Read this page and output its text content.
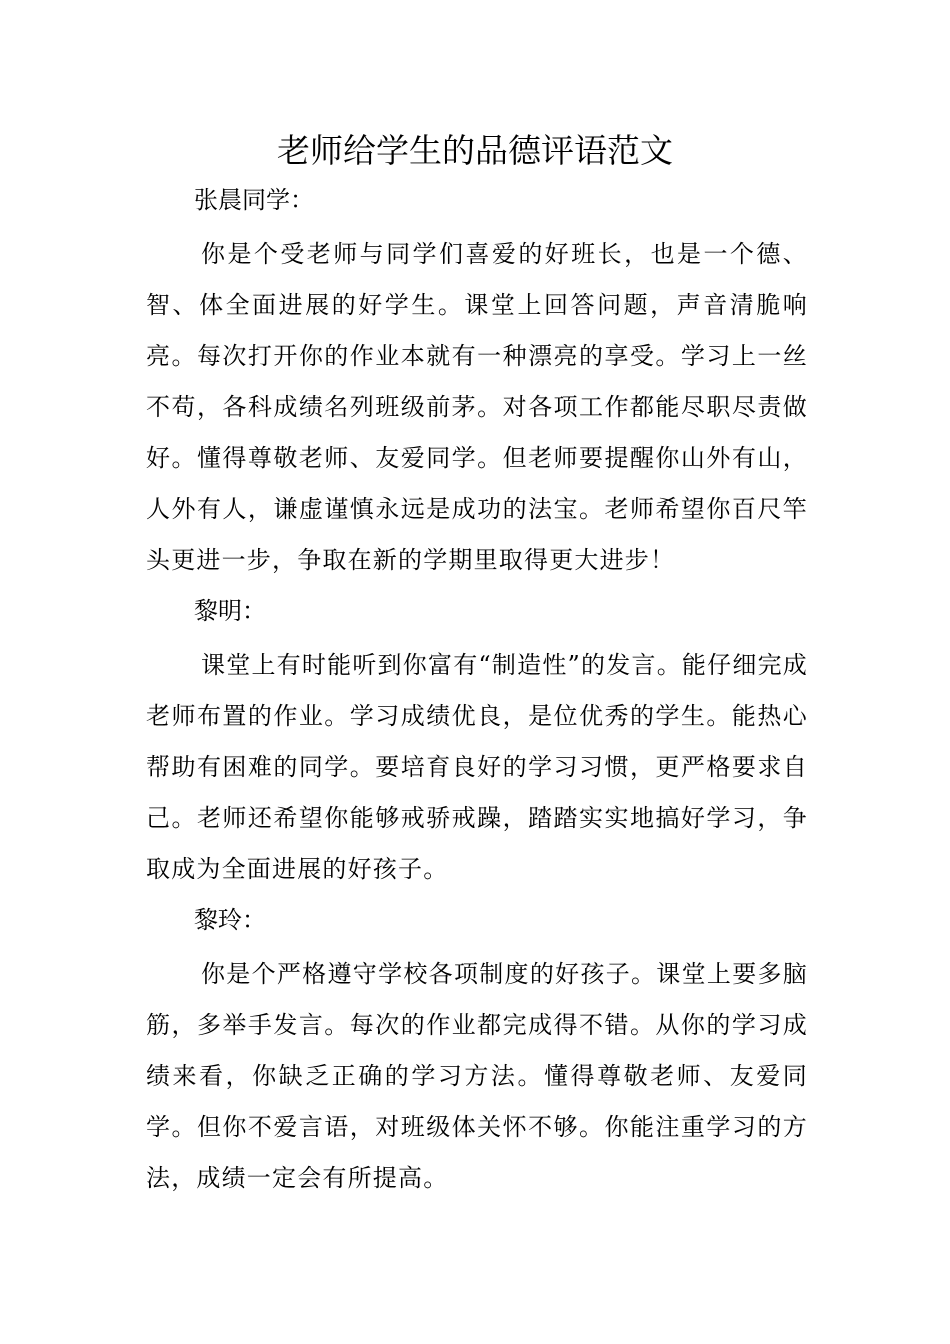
老师给学生的品德评语范文

张晨同学：

你是个受老师与同学们喜爱的好班长，也是一个德、智、体全面进展的好学生。课堂上回答问题，声音清脆响亮。每次打开你的作业本就有一种漂亮的享受。学习上一丝不苟，各科成绩名列班级前茅。对各项工作都能尽职尽责做好。懂得尊敬老师、友爱同学。但老师要提醒你山外有山，人外有人，谦虚谨慎永远是成功的法宝。老师希望你百尺竿头更进一步，争取在新的学期里取得更大进步！

黎明：

课堂上有时能听到你富有“制造性”的发言。能仔细完成老师布置的作业。学习成绩优良，是位优秀的学生。能热心帮助有困难的同学。要培育良好的学习习惯，更严格要求自己。老师还希望你能够戒骄戒躁，踏踏实实地搞好学习，争取成为全面进展的好孩子。

黎玲：

你是个严格遵守学校各项制度的好孩子。课堂上要多脑筋，多举手发言。每次的作业都完成得不错。从你的学习成绩来看，你缺乏正确的学习方法。懂得尊敬老师、友爱同学。但你不爱言语，对班级体关怀不够。你能注重学习的方法，成绩一定会有所提高。
